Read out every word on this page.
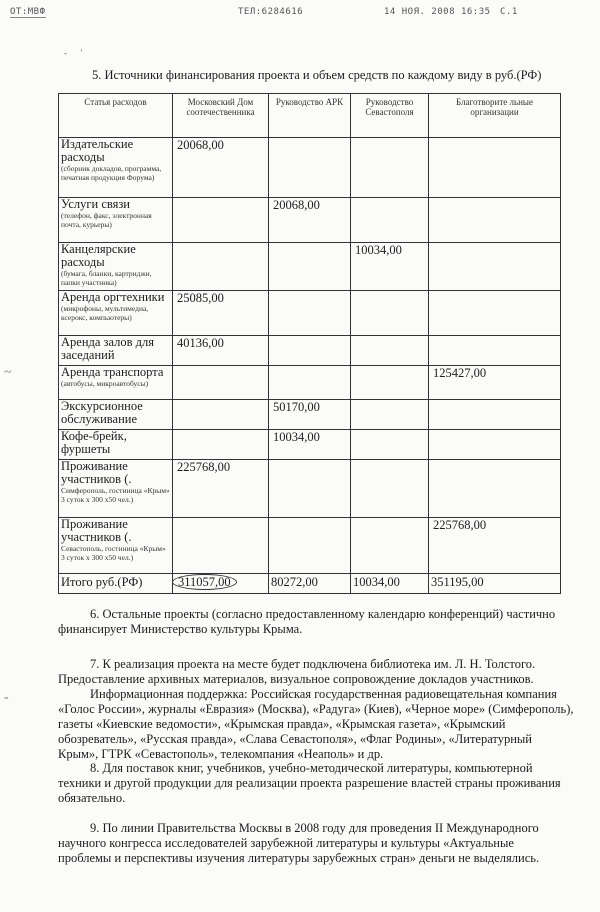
ОТ:МВФ	ТЕЛ:6284616	14 НОЯ. 2008 16:35 С.1
-      '
~
-
5. Источники финансирования проекта и объем средств по каждому виду в руб.(РФ)
Статья расходов	Московский Дом соотечественника	Руководство АРК	Руководство Севастополя	Благотворите льные организации

Издательские расходы
(сборник докладов, программа, печатная продукция Форума)	20068,00			

Услуги связи
(телефон, факс, электронная почта, курьеры)		20068,00		

Канцелярские расходы
(бумага, бланки, картриджи, папки участника)			10034,00	

Аренда оргтехники
(микрофоны, мультимедиа, ксерокс, компьютеры)	25085,00			

Аренда залов для заседаний	40136,00			

Аренда транспорта
(автобусы, микроавтобусы)				125427,00

Экскурсионное обслуживание		50170,00		

Кофе-брейк, фуршеты		10034,00		

Проживание участников (.
Симферополь, гостиница «Крым» 3 суток х 300 х50 чел.)	225768,00			

Проживание участников (.
Севастополь, гостиница «Крым» 3 суток х 300 х50 чел.)				225768,00

Итого руб.(РФ)	311057,00	80272,00	10034,00	351195,00
6. Остальные проекты (согласно предоставленному календарю конференций) частично
финансирует Министерство культуры Крыма.
7. К реализация проекта на месте будет подключена библиотека им. Л. Н. Толстого.
Предоставление архивных материалов, визуальное сопровождение докладов участников.
Информационная поддержка: Российская государственная радиовещательная компания
«Голос России», журналы «Евразия» (Москва), «Радуга» (Киев), «Черное море» (Симферополь),
газеты «Киевские ведомости», «Крымская правда», «Крымская газета», «Крымский
обозреватель», «Русская правда», «Слава Севастополя», «Флаг Родины», «Литературный
Крым», ГТРК «Севастополь», телекомпания «Неаполь» и др.
8. Для поставок книг, учебников, учебно-методической литературы, компьютерной
техники и другой продукции для реализации проекта разрешение властей страны проживания
обязательно.
9. По линии Правительства Москвы в 2008 году для проведения II Международного
научного конгресса исследователей зарубежной литературы и культуры «Актуальные
проблемы и перспективы изучения литературы зарубежных стран» деньги не выделялись.
